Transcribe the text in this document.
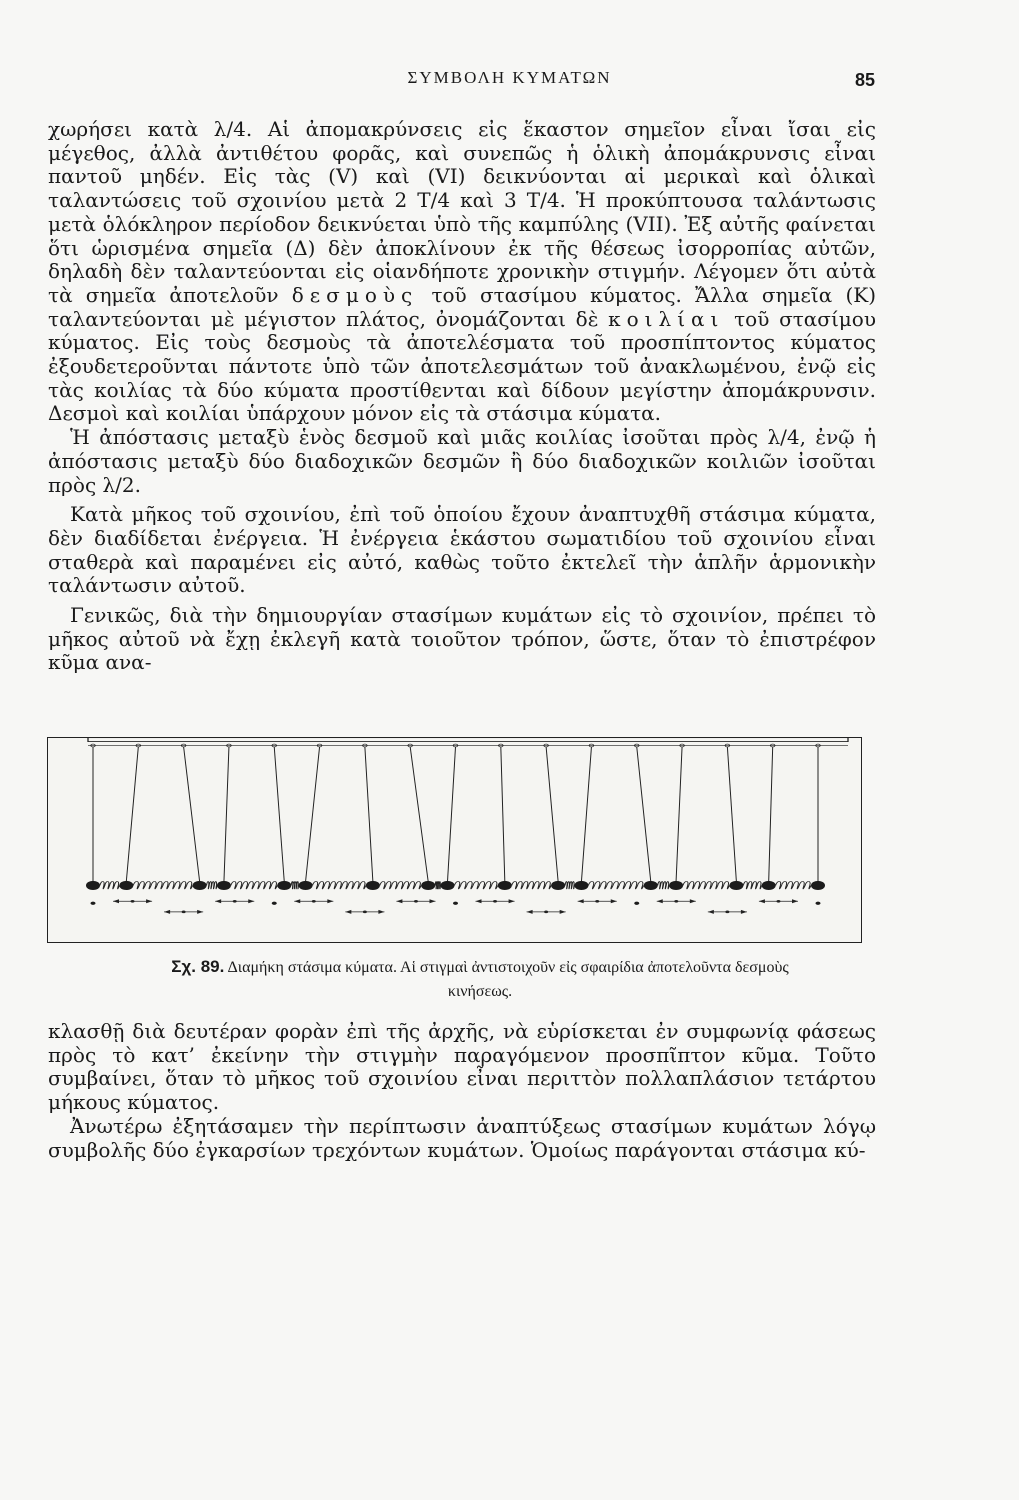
ΣΥΜΒΟΛΗ ΚΥΜΑΤΩΝ	85

χωρήσει κατὰ λ/4. Αἱ ἀπομακρύνσεις εἰς ἕκαστον σημεῖον εἶναι ἴσαι εἰς μέγεθος, ἀλλὰ ἀντιθέτου φορᾶς, καὶ συνεπῶς ἡ ὁλικὴ ἀπομάκρυνσις εἶναι παντοῦ μηδέν. Εἰς τὰς (V) καὶ (VI) δεικνύονται αἱ μερικαὶ καὶ ὁλικαὶ ταλαντώσεις τοῦ σχοινίου μετὰ 2 Τ/4 καὶ 3 Τ/4. Ἡ προκύπτουσα ταλάντωσις μετὰ ὁλόκληρον περίοδον δεικνύεται ὑπὸ τῆς καμπύλης (VII). Ἐξ αὐτῆς φαίνεται ὅτι ὡρισμένα σημεῖα (Δ) δὲν ἀποκλίνουν ἐκ τῆς θέσεως ἰσορροπίας αὐτῶν, δηλαδὴ δὲν ταλαντεύονται εἰς οἱανδήποτε χρονικὴν στιγμήν. Λέγομεν ὅτι αὐτὰ τὰ σημεῖα ἀποτελοῦν δεσμοὺς τοῦ στασίμου κύματος. Ἄλλα σημεῖα (Κ) ταλαντεύονται μὲ μέγιστον πλάτος, ὀνομάζονται δὲ κοιλίαι τοῦ στασίμου κύματος. Εἰς τοὺς δεσμοὺς τὰ ἀποτελέσματα τοῦ προσπίπτοντος κύματος ἐξουδετεροῦνται πάντοτε ὑπὸ τῶν ἀποτελεσμάτων τοῦ ἀνακλωμένου, ἐνῷ εἰς τὰς κοιλίας τὰ δύο κύματα προστίθενται καὶ δίδουν μεγίστην ἀπομάκρυνσιν. Δεσμοὶ καὶ κοιλίαι ὑπάρχουν μόνον εἰς τὰ στάσιμα κύματα.

Ἡ ἀπόστασις μεταξὺ ἑνὸς δεσμοῦ καὶ μιᾶς κοιλίας ἰσοῦται πρὸς λ/4, ἐνῷ ἡ ἀπόστασις μεταξὺ δύο διαδοχικῶν δεσμῶν ἢ δύο διαδοχικῶν κοιλιῶν ἰσοῦται πρὸς λ/2.

Κατὰ μῆκος τοῦ σχοινίου, ἐπὶ τοῦ ὁποίου ἔχουν ἀναπτυχθῆ στάσιμα κύματα, δὲν διαδίδεται ἐνέργεια. Ἡ ἐνέργεια ἑκάστου σωματιδίου τοῦ σχοινίου εἶναι σταθερὰ καὶ παραμένει εἰς αὐτό, καθὼς τοῦτο ἐκτελεῖ τὴν ἁπλῆν ἁρμονικὴν ταλάντωσιν αὐτοῦ.

Γενικῶς, διὰ τὴν δημιουργίαν στασίμων κυμάτων εἰς τὸ σχοινίον, πρέπει τὸ μῆκος αὐτοῦ νὰ ἔχῃ ἐκλεγῆ κατὰ τοιοῦτον τρόπον, ὥστε, ὅταν τὸ ἐπιστρέφον κῦμα ανα-

Σχ. 89. Διαμήκη στάσιμα κύματα. Αἱ στιγμαὶ ἀντιστοιχοῦν εἰς σφαιρίδια ἀποτελοῦντα δεσμοὺς κινήσεως.

κλασθῇ διὰ δευτέραν φορὰν ἐπὶ τῆς ἀρχῆς, νὰ εὑρίσκεται ἐν συμφωνίᾳ φάσεως πρὸς τὸ κατ’ ἐκείνην τὴν στιγμὴν παραγόμενον προσπῖπτον κῦμα. Τοῦτο συμβαίνει, ὅταν τὸ μῆκος τοῦ σχοινίου εἶναι περιττὸν πολλαπλάσιον τετάρτου μήκους κύματος.

Ἀνωτέρω ἐξητάσαμεν τὴν περίπτωσιν ἀναπτύξεως στασίμων κυμάτων λόγῳ συμβολῆς δύο ἐγκαρσίων τρεχόντων κυμάτων. Ὁμοίως παράγονται στάσιμα κύ-
